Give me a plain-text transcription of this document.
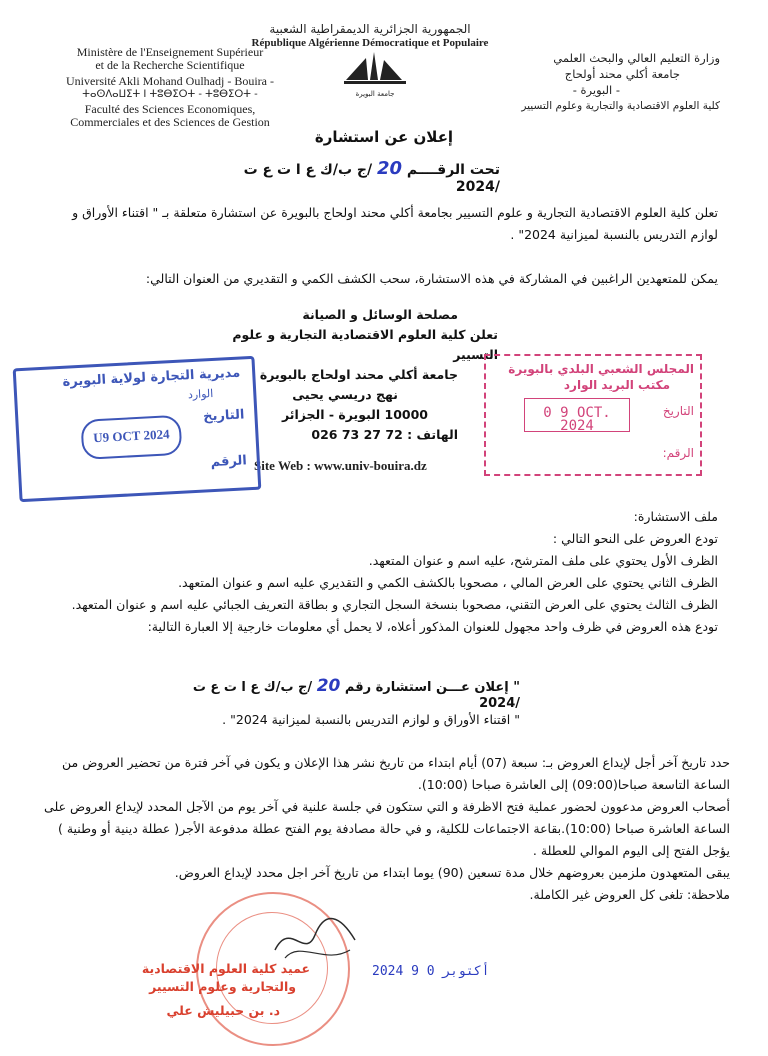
الجمهورية الجزائرية الديمقراطية الشعبية
République Algérienne Démocratique et Populaire
Ministère de l'Enseignement Supérieur
et de la Recherche Scientifique
Université Akli Mohand Oulhadj - Bouira -
ⵜⴰⵙⴷⴰⵡⵉⵜ ⵏ ⵜⵓⴱⵉⵔⵜ - ⵜⵓⴱⵉⵔⵜ -
Faculté des Sciences Economiques,
Commerciales et des Sciences de Gestion
جامعة البويرة
وزارة التعليم العالي والبحث العلمي
جامعة أكلي محند أولحاج
- البويرة -
كلية العلوم الاقتصادية والتجارية وعلوم التسيير
إعلان عن استشارة
تحت الرقــــم 20 /ج ب/ك ع ا ت ع ت /2024
تعلن كلية العلوم الاقتصادية التجارية و علوم التسيير بجامعة أكلي محند اولحاج بالبويرة عن استشارة متعلقة بـ " اقتناء الأوراق و لوازم التدريس بالنسبة لميزانية 2024" .
يمكن للمتعهدين الراغبين في المشاركة في هذه الاستشارة، سحب الكشف الكمي و التقديري من العنوان التالي:
مصلحة الوسائل و الصيانة
تعلن كلية العلوم الاقتصادية التجارية و علوم التسيير
جامعة أكلي محند اولحاج بالبويرة
نهج دريسي يحيى
10000 البويرة - الجزائر
الهاتف : 72 27 73 026
Site Web : www.univ-bouira.dz
مديرية التجارة لولاية البويرة
الوارد
التاريخ
U9 OCT 2024
الرقم
المجلس الشعبي البلدي بالبويرة
مكتب البريد الوارد
التاريخ
0 9 OCT. 2024
الرقم:
ملف الاستشارة:
تودع العروض على النحو التالي :
الظرف الأول يحتوي على ملف المترشح، عليه اسم و عنوان المتعهد.
الظرف الثاني يحتوي على العرض المالي ، مصحوبا بالكشف الكمي و التقديري عليه اسم و عنوان المتعهد.
الظرف الثالث يحتوي على العرض التقني، مصحوبا بنسخة السجل التجاري و بطاقة التعريف الجبائي عليه اسم و عنوان المتعهد.
تودع هذه العروض في ظرف واحد مجهول للعنوان المذكور أعلاه، لا يحمل أي معلومات خارجية إلا العبارة التالية:
" إعلان عـــن استشارة رقم 20 /ج ب/ك ع ا ت ع ت /2024
" اقتناء الأوراق و لوازم التدريس بالنسبة لميزانية 2024" .
حدد تاريخ آخر أجل لإيداع العروض بـ: سبعة (07) أيام ابتداء من تاريخ نشر هذا الإعلان و يكون في آخر فترة من تحضير العروض من الساعة التاسعة صباحا(09:00) إلى العاشرة صباحا (10:00).
أصحاب العروض مدعوون لحضور عملية فتح الاظرفة و التي ستكون في جلسة علنية في آخر يوم من الآجل المحدد لإيداع العروض على الساعة العاشرة صباحا (10:00).بقاعة الاجتماعات للكلية، و في حالة مصادفة يوم الفتح عطلة مدفوعة الأجر( عطلة دينية أو وطنية ) يؤجل الفتح إلى اليوم الموالي للعطلة .
يبقى المتعهدون ملزمين بعروضهم خلال مدة تسعين (90) يوما ابتداء من تاريخ آخر اجل محدد لإيداع العروض.
ملاحظة: تلغى كل العروض غير الكاملة.
عميد كلية العلوم الاقتصادية
والتجارية وعلوم التسيير
د. بن حبيليش علي
2024 أكتوبر 0 9
